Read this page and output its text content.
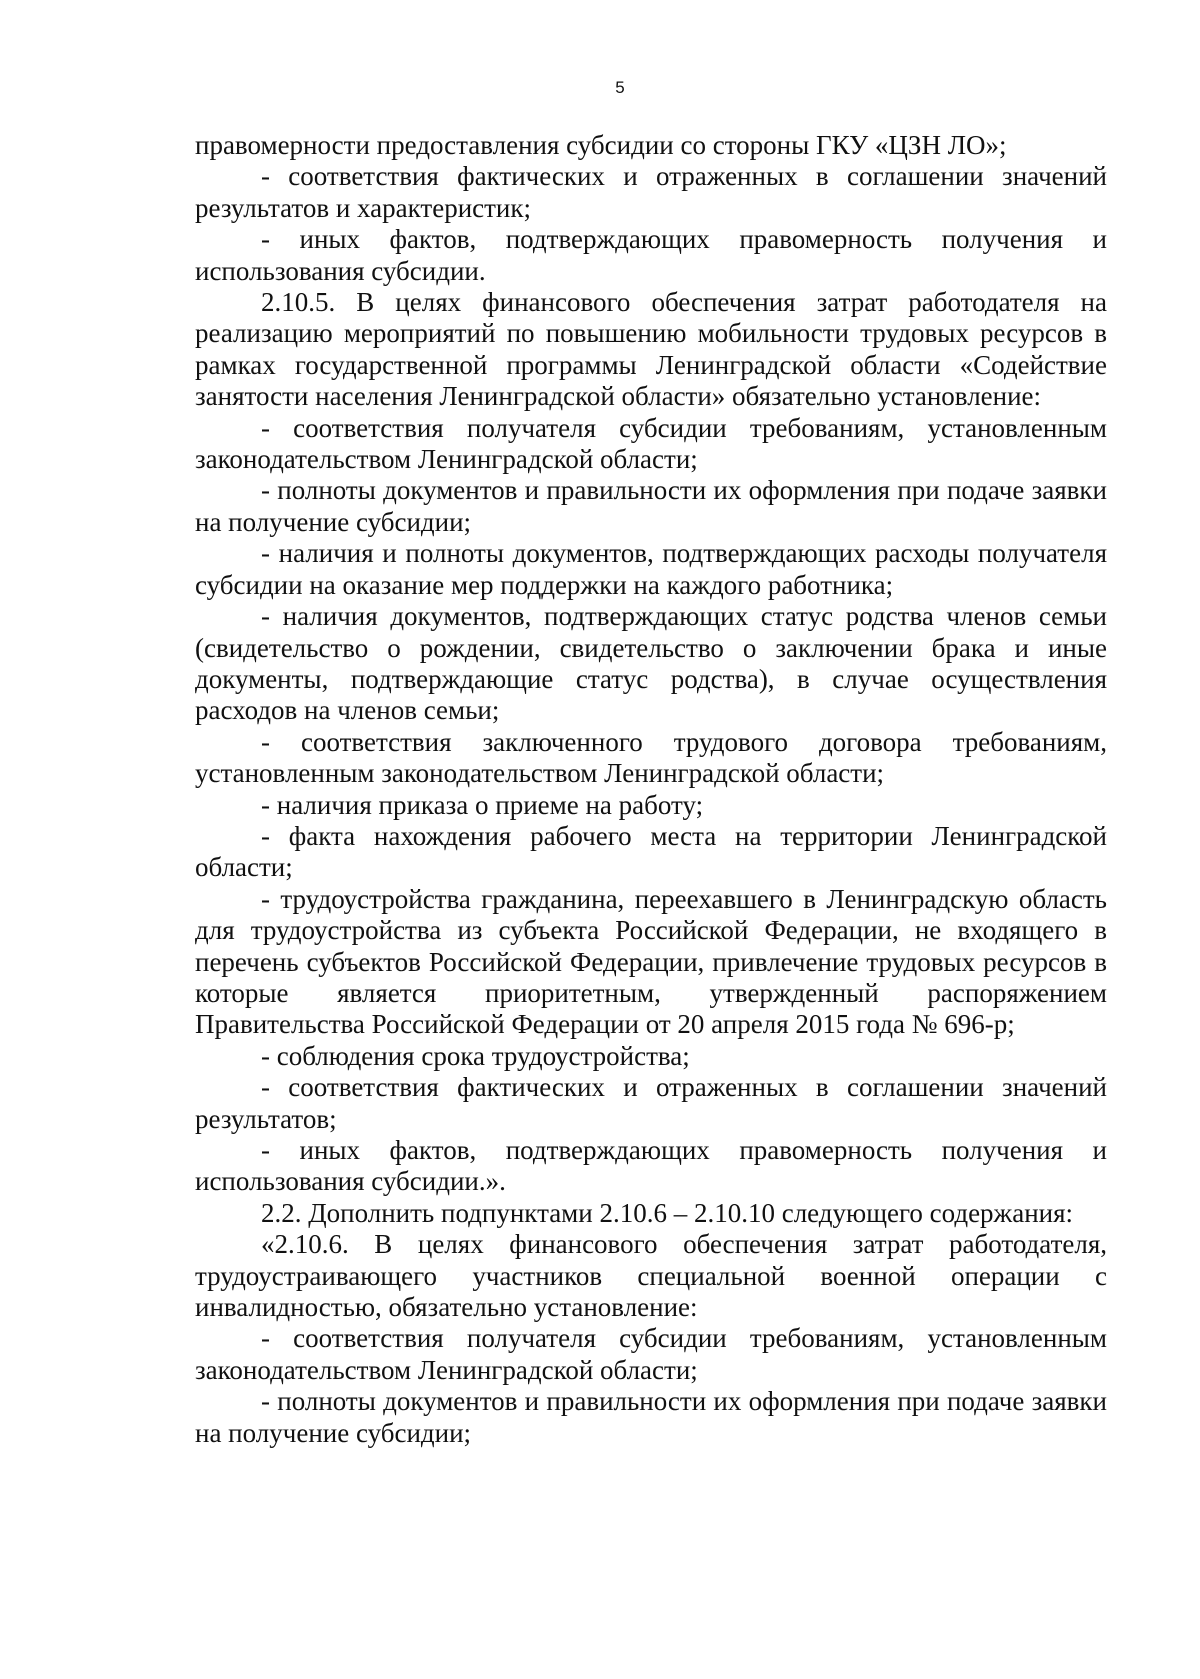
5

правомерности предоставления субсидии со стороны ГКУ «ЦЗН ЛО»;

- соответствия фактических и отраженных в соглашении значений результатов и характеристик;

- иных фактов, подтверждающих правомерность получения и использования субсидии.

2.10.5. В целях финансового обеспечения затрат работодателя на реализацию мероприятий по повышению мобильности трудовых ресурсов в рамках государственной программы Ленинградской области «Содействие занятости населения Ленинградской области» обязательно установление:

- соответствия получателя субсидии требованиям, установленным законодательством Ленинградской области;

- полноты документов и правильности их оформления при подаче заявки на получение субсидии;

- наличия и полноты документов, подтверждающих расходы получателя субсидии на оказание мер поддержки на каждого работника;

- наличия документов, подтверждающих статус родства членов семьи (свидетельство о рождении, свидетельство о заключении брака и иные документы, подтверждающие статус родства), в случае осуществления расходов на членов семьи;

- соответствия заключенного трудового договора требованиям, установленным законодательством Ленинградской области;

- наличия приказа о приеме на работу;

- факта нахождения рабочего места на территории Ленинградской области;

- трудоустройства гражданина, переехавшего в Ленинградскую область для трудоустройства из субъекта Российской Федерации, не входящего в перечень субъектов Российской Федерации, привлечение трудовых ресурсов в которые является приоритетным, утвержденный распоряжением Правительства Российской Федерации от 20 апреля 2015 года № 696-р;

- соблюдения срока трудоустройства;

- соответствия фактических и отраженных в соглашении значений результатов;

- иных фактов, подтверждающих правомерность получения и использования субсидии.».

2.2. Дополнить подпунктами 2.10.6 – 2.10.10 следующего содержания:

«2.10.6. В целях финансового обеспечения затрат работодателя, трудоустраивающего участников специальной военной операции с инвалидностью, обязательно установление:

- соответствия получателя субсидии требованиям, установленным законодательством Ленинградской области;

- полноты документов и правильности их оформления при подаче заявки на получение субсидии;
